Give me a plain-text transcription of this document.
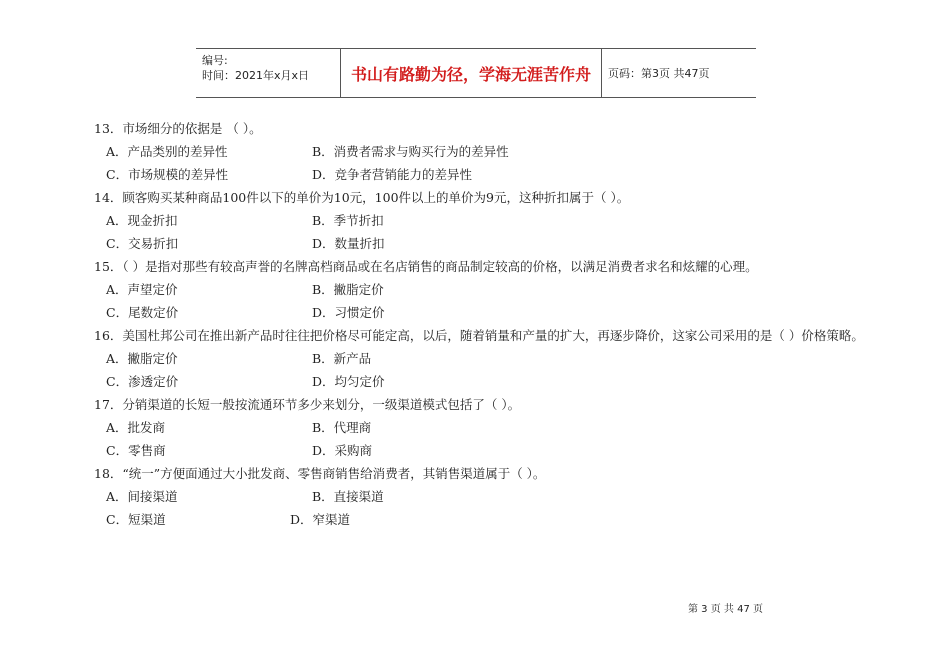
编号:
时间：2021年x月x日	书山有路勤为径，学海无涯苦作舟	页码：第3页 共47页

13．市场细分的依据是 （ ）。

A．产品类别的差异性	B．消费者需求与购买行为的差异性
C．市场规模的差异性	D．竞争者营销能力的差异性

14．顾客购买某种商品100件以下的单价为10元，100件以上的单价为9元，这种折扣属于（ ）。

A．现金折扣	B．季节折扣
C．交易折扣	D．数量折扣

15．（ ）是指对那些有较高声誉的名牌高档商品或在名店销售的商品制定较高的价格，以满足消费者求名和炫耀的心理。

A．声望定价	B．撇脂定价
C．尾数定价	D．习惯定价

16．美国杜邦公司在推出新产品时往往把价格尽可能定高，以后，随着销量和产量的扩大，再逐步降价，这家公司采用的是（ ）价格策略。

A．撇脂定价	B．新产品
C．渗透定价	D．均匀定价

17．分销渠道的长短一般按流通环节多少来划分，一级渠道模式包括了（ ）。

A．批发商	B．代理商
C．零售商	D．采购商

18．“统一”方便面通过大小批发商、零售商销售给消费者，其销售渠道属于（ ）。

A．间接渠道	B．直接渠道
C．短渠道	D．窄渠道
第 3 页 共 47 页
